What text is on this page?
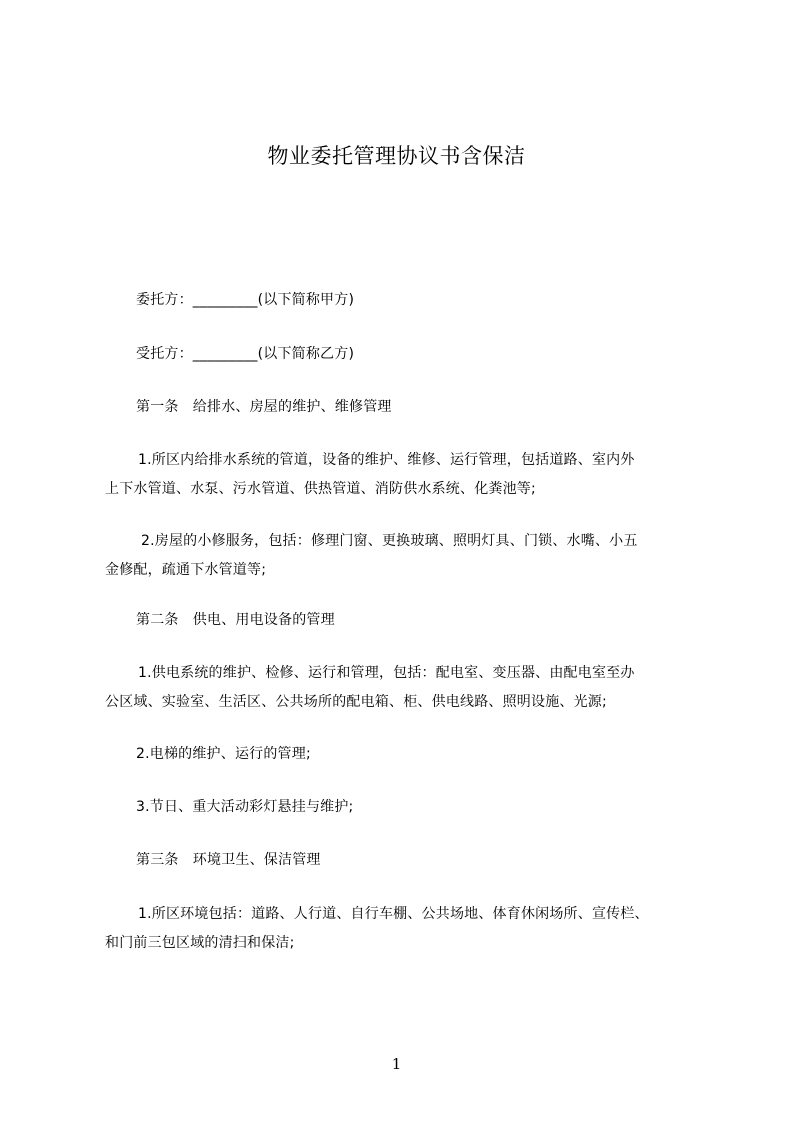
物业委托管理协议书含保洁
委托方：_________(以下简称甲方)
受托方：_________(以下简称乙方)
第一条　给排水、房屋的维护、维修管理
1.所区内给排水系统的管道，设备的维护、维修、运行管理，包括道路、室内外
上下水管道、水泵、污水管道、供热管道、消防供水系统、化粪池等;
2.房屋的小修服务，包括：修理门窗、更换玻璃、照明灯具、门锁、水嘴、小五
金修配，疏通下水管道等;
第二条　供电、用电设备的管理
1.供电系统的维护、检修、运行和管理，包括：配电室、变压器、由配电室至办
公区域、实验室、生活区、公共场所的配电箱、柜、供电线路、照明设施、光源;
2.电梯的维护、运行的管理;
3.节日、重大活动彩灯悬挂与维护;
第三条　环境卫生、保洁管理
1.所区环境包括：道路、人行道、自行车棚、公共场地、体育休闲场所、宣传栏、
和门前三包区域的清扫和保洁;
1
